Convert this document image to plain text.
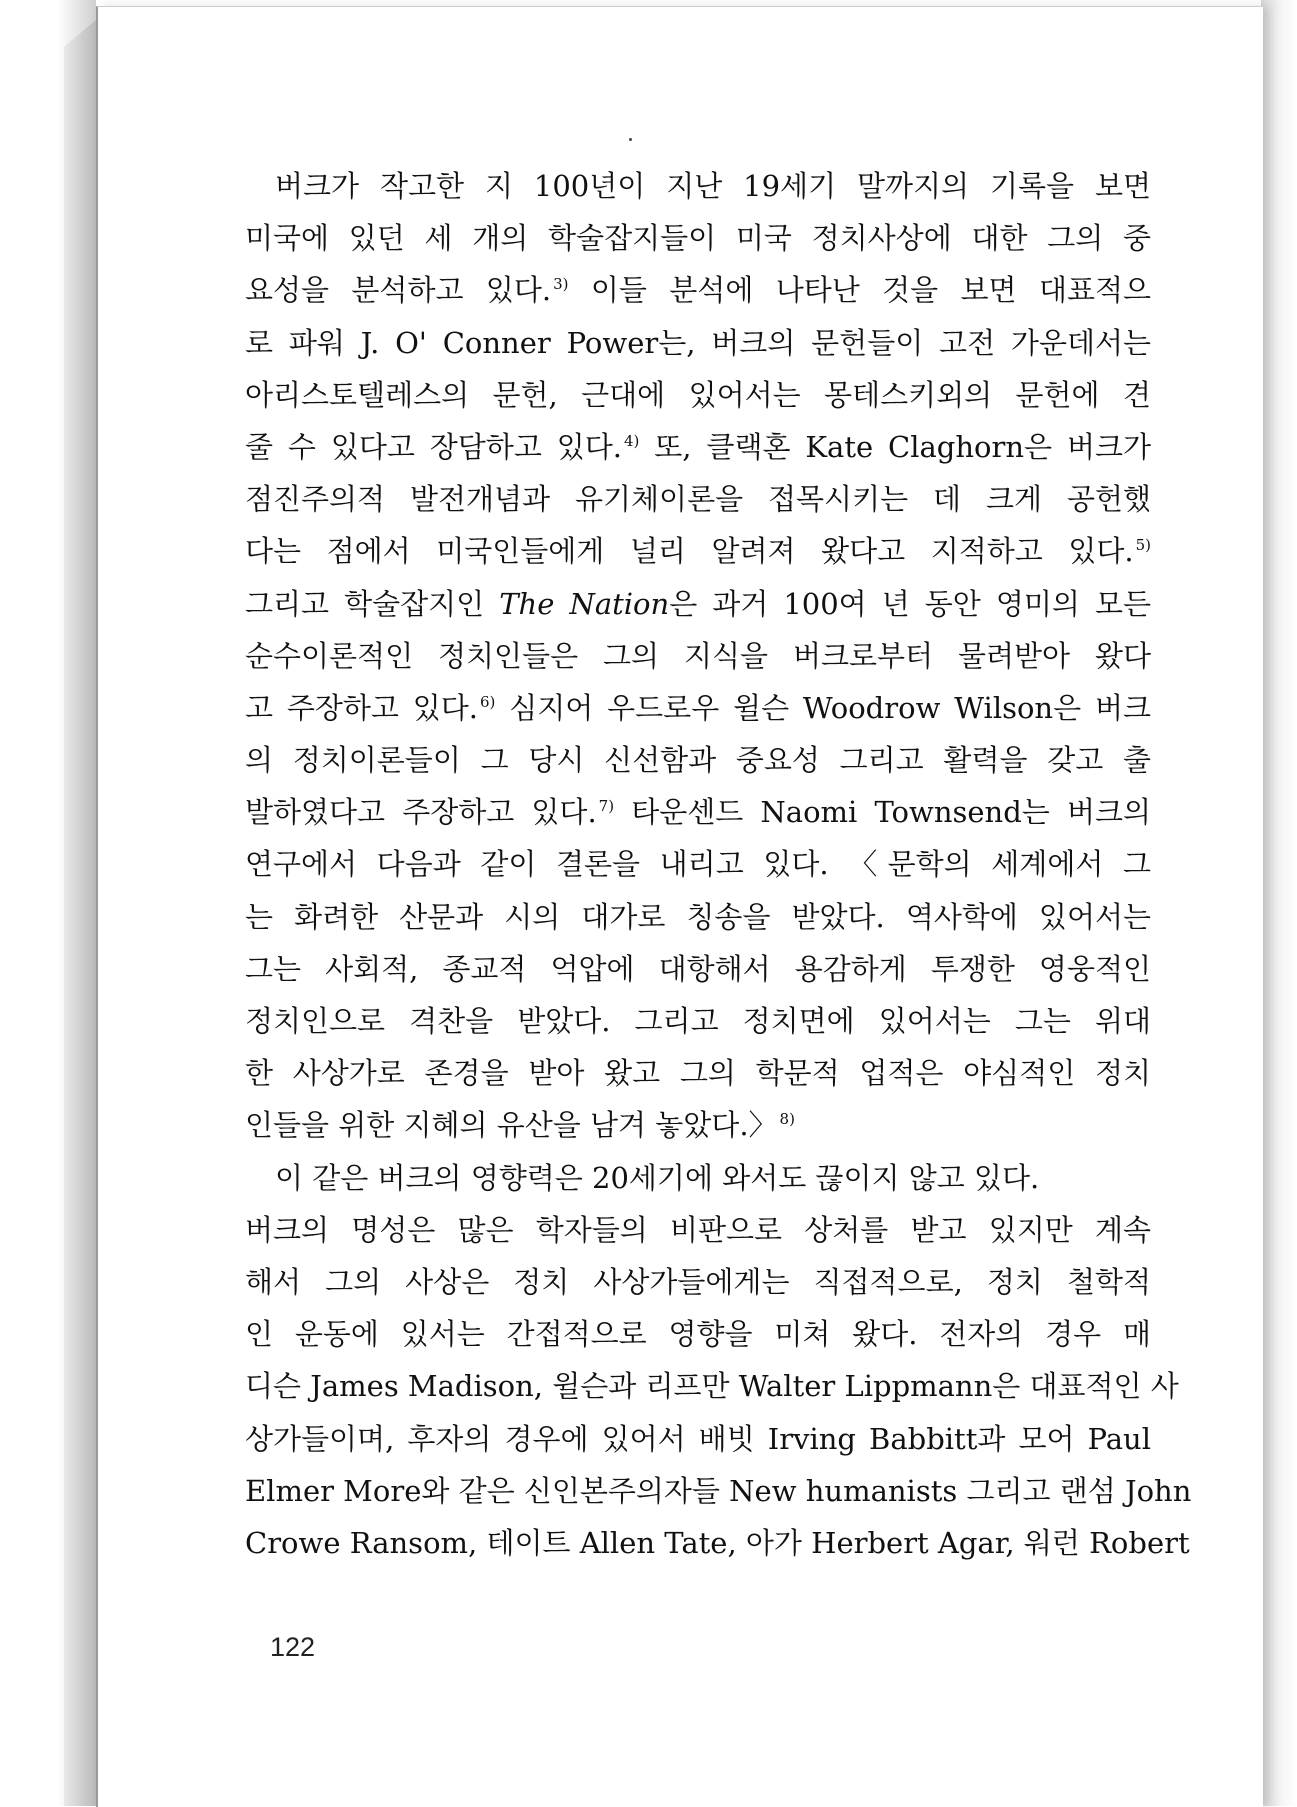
버크가 작고한 지 100년이 지난 19세기 말까지의 기록을 보면
미국에 있던 세 개의 학술잡지들이 미국 정치사상에 대한 그의 중
요성을 분석하고 있다. $^{3)}$ 이들 분석에 나타난 것을 보면 대표적으
로 파워 J. O' Conner Power는, 버크의 문헌들이 고전 가운데서는
아리스토텔레스의 문헌, 근대에 있어서는 몽테스키외의 문헌에 견
줄 수 있다고 장담하고 있다. $^{4)}$ 또, 클랙혼 Kate Claghorn은 버크가
점진주의적 발전개념과 유기체이론을 접목시키는 데 크게 공헌했
다는 점에서 미국인들에게 널리 알려져 왔다고 지적하고 있다. $^{5)}$
그리고 학술잡지인 The Nation은 과거 100여 년 동안 영미의 모든
순수이론적인 정치인들은 그의 지식을 버크로부터 물려받아 왔다
고 주장하고 있다. $^{6)}$ 심지어 우드로우 윌슨 Woodrow Wilson은 버크
의 정치이론들이 그 당시 신선함과 중요성 그리고 활력을 갖고 출
발하였다고 주장하고 있다. $^{7)}$ 타운센드 Naomi Townsend는 버크의
연구에서 다음과 같이 결론을 내리고 있다. 〈문학의 세계에서 그
는 화려한 산문과 시의 대가로 칭송을 받았다. 역사학에 있어서는
그는 사회적, 종교적 억압에 대항해서 용감하게 투쟁한 영웅적인
정치인으로 격찬을 받았다. 그리고 정치면에 있어서는 그는 위대
한 사상가로 존경을 받아 왔고 그의 학문적 업적은 야심적인 정치
인들을 위한 지혜의 유산을 남겨 놓았다.〉 $^{8)}$
이 같은 버크의 영향력은 20세기에 와서도 끊이지 않고 있다.
버크의 명성은 많은 학자들의 비판으로 상처를 받고 있지만 계속
해서 그의 사상은 정치 사상가들에게는 직접적으로, 정치 철학적
인 운동에 있서는 간접적으로 영향을 미쳐 왔다. 전자의 경우 매
디슨 James Madison, 윌슨과 리프만 Walter Lippmann은 대표적인 사
상가들이며, 후자의 경우에 있어서 배빗 Irving Babbitt과 모어 Paul
Elmer More와 같은 신인본주의자들 New humanists 그리고 랜섬 John
Crowe Ransom, 테이트 Allen Tate, 아가 Herbert Agar, 워런 Robert
122
